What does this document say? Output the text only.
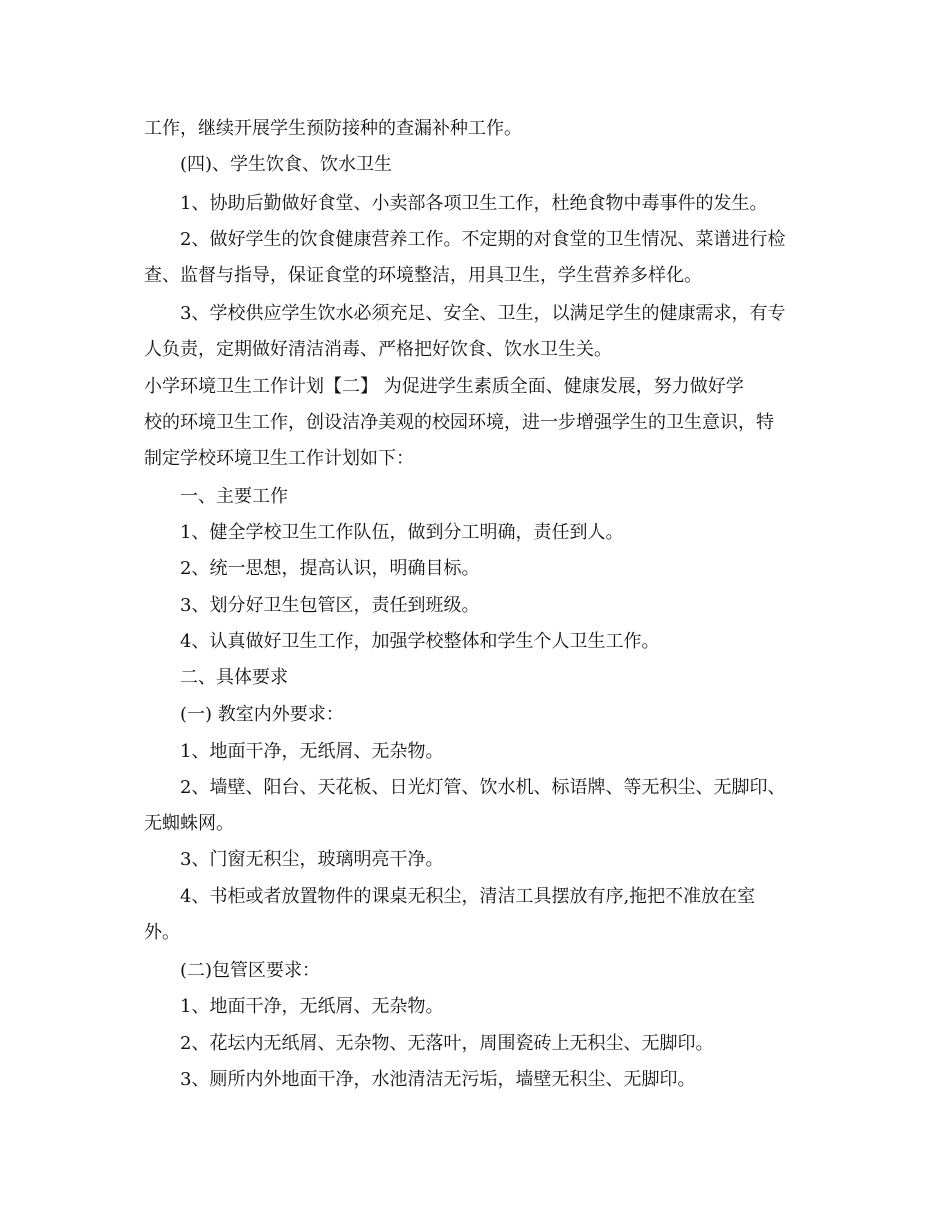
工作，继续开展学生预防接种的查漏补种工作。
(四)、学生饮食、饮水卫生
1、协助后勤做好食堂、小卖部各项卫生工作，杜绝食物中毒事件的发生。
2、做好学生的饮食健康营养工作。不定期的对食堂的卫生情况、菜谱进行检
查、监督与指导，保证食堂的环境整洁，用具卫生，学生营养多样化。
3、学校供应学生饮水必须充足、安全、卫生，以满足学生的健康需求，有专
人负责，定期做好清洁消毒、严格把好饮食、饮水卫生关。
小学环境卫生工作计划【二】 为促进学生素质全面、健康发展，努力做好学
校的环境卫生工作，创设洁净美观的校园环境，进一步增强学生的卫生意识，特
制定学校环境卫生工作计划如下：
一、主要工作
1、健全学校卫生工作队伍，做到分工明确，责任到人。
2、统一思想，提高认识，明确目标。
3、划分好卫生包管区，责任到班级。
4、认真做好卫生工作，加强学校整体和学生个人卫生工作。
二、具体要求
(一) 教室内外要求：
1、地面干净，无纸屑、无杂物。
2、墙壁、阳台、天花板、日光灯管、饮水机、标语牌、等无积尘、无脚印、
无蜘蛛网。
3、门窗无积尘，玻璃明亮干净。
4、书柜或者放置物件的课桌无积尘，清洁工具摆放有序,拖把不准放在室
外。
(二)包管区要求：
1、地面干净，无纸屑、无杂物。
2、花坛内无纸屑、无杂物、无落叶，周围瓷砖上无积尘、无脚印。
3、厕所内外地面干净，水池清洁无污垢，墙壁无积尘、无脚印。
